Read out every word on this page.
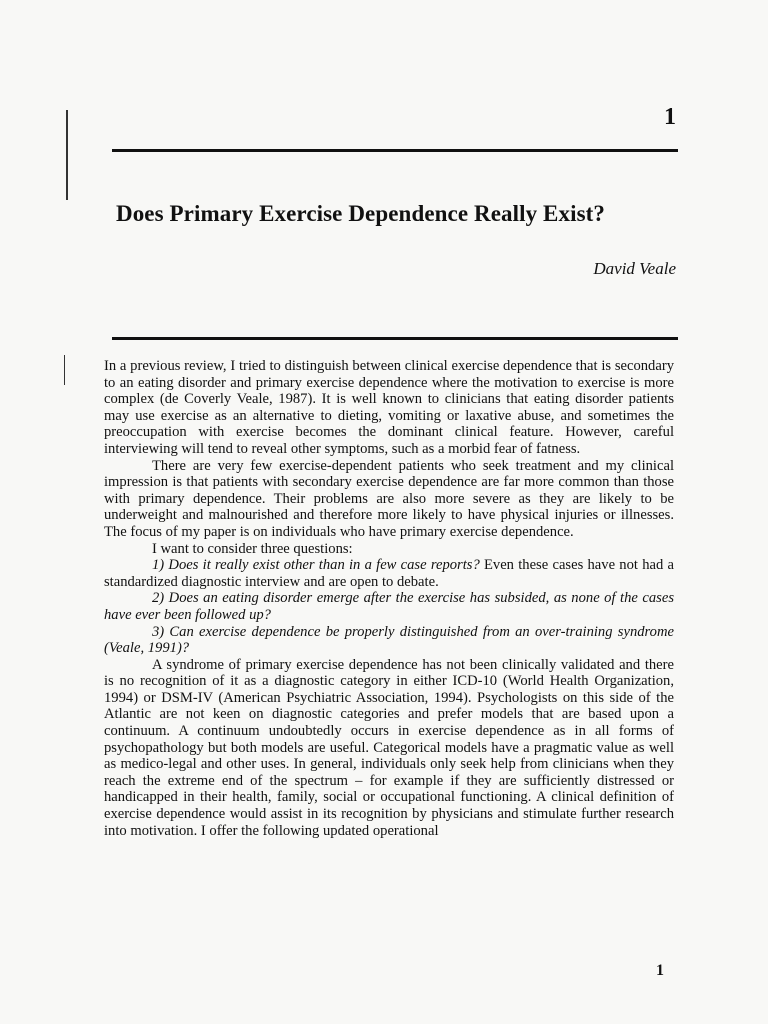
1
Does Primary Exercise Dependence Really Exist?
David Veale

In a previous review, I tried to distinguish between clinical exercise dependence that is secondary to an eating disorder and primary exercise dependence where the motivation to exercise is more complex (de Coverly Veale, 1987). It is well known to clinicians that eating disorder patients may use exercise as an alternative to dieting, vomiting or laxative abuse, and sometimes the preoccupation with exercise becomes the dominant clinical feature. However, careful interviewing will tend to reveal other symptoms, such as a morbid fear of fatness.

There are very few exercise-dependent patients who seek treatment and my clinical impression is that patients with secondary exercise dependence are far more common than those with primary dependence. Their problems are also more severe as they are likely to be underweight and malnourished and therefore more likely to have physical injuries or illnesses. The focus of my paper is on individuals who have primary exercise dependence.

I want to consider three questions:

1) Does it really exist other than in a few case reports? Even these cases have not had a standardized diagnostic interview and are open to debate.

2) Does an eating disorder emerge after the exercise has subsided, as none of the cases have ever been followed up?

3) Can exercise dependence be properly distinguished from an over-training syndrome (Veale, 1991)?

A syndrome of primary exercise dependence has not been clinically validated and there is no recognition of it as a diagnostic category in either ICD-10 (World Health Organization, 1994) or DSM-IV (American Psychiatric Association, 1994). Psychologists on this side of the Atlantic are not keen on diagnostic categories and prefer models that are based upon a continuum. A continuum undoubtedly occurs in exercise dependence as in all forms of psychopathology but both models are useful. Categorical models have a pragmatic value as well as medico-legal and other uses. In general, individuals only seek help from clinicians when they reach the extreme end of the spectrum – for example if they are sufficiently distressed or handicapped in their health, family, social or occupational functioning. A clinical definition of exercise dependence would assist in its recognition by physicians and stimulate further research into motivation. I offer the following updated operational

1
